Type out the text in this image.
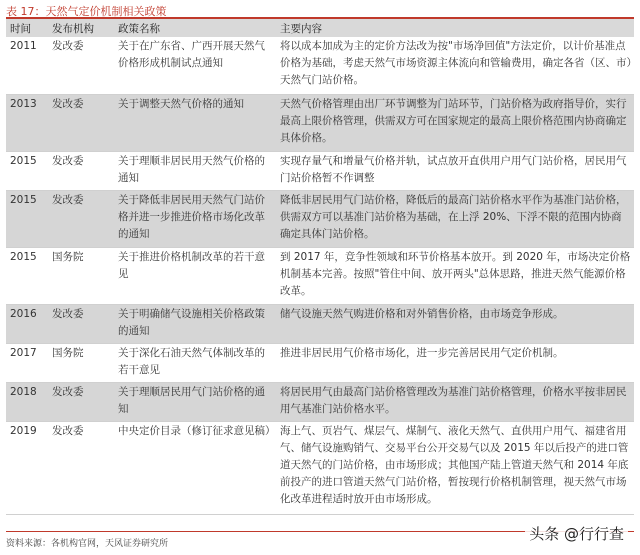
表 17：天然气定价机制相关政策
时间	发布机构	政策名称	主要内容
2011	发改委	关于在广东省、广西开展天然气价格形成机制试点通知	将以成本加成为主的定价方法改为按"市场净回值"方法定价，以计价基准点价格为基础，考虑天然气市场资源主体流向和管输费用，确定各省（区、市）天然气门站价格。
2013	发改委	关于调整天然气价格的通知	天然气价格管理由出厂环节调整为门站环节，门站价格为政府指导价，实行最高上限价格管理，供需双方可在国家规定的最高上限价格范围内协商确定具体价格。
2015	发改委	关于理顺非居民用天然气价格的通知	实现存量气和增量气价格并轨，试点放开直供用户用气门站价格，居民用气门站价格暂不作调整
2015	发改委	关于降低非居民用天然气门站价格并进一步推进价格市场化改革的通知	降低非居民用气门站价格，降低后的最高门站价格水平作为基准门站价格，供需双方可以基准门站价格为基础，在上浮 20%、下浮不限的范围内协商确定具体门站价格。
2015	国务院	关于推进价格机制改革的若干意见	到 2017 年，竞争性领域和环节价格基本放开。到 2020 年，市场决定价格机制基本完善。按照"管住中间、放开两头"总体思路，推进天然气能源价格改革。
2016	发改委	关于明确储气设施相关价格政策的通知	储气设施天然气购进价格和对外销售价格，由市场竞争形成。
2017	国务院	关于深化石油天然气体制改革的若干意见	推进非居民用气价格市场化，进一步完善居民用气定价机制。
2018	发改委	关于理顺居民用气门站价格的通知	将居民用气由最高门站价格管理改为基准门站价格管理，价格水平按非居民用气基准门站价格水平。
2019	发改委	中央定价目录（修订征求意见稿）	海上气、页岩气、煤层气、煤制气、液化天然气、直供用户用气、福建省用气、储气设施购销气、交易平台公开交易气以及 2015 年以后投产的进口管道天然气的门站价格，由市场形成；其他国产陆上管道天然气和 2014 年底前投产的进口管道天然气门站价格，暂按现行价格机制管理，视天然气市场化改革进程适时放开由市场形成。
资料来源：各机构官网，天风证券研究所
头条 @行行查
